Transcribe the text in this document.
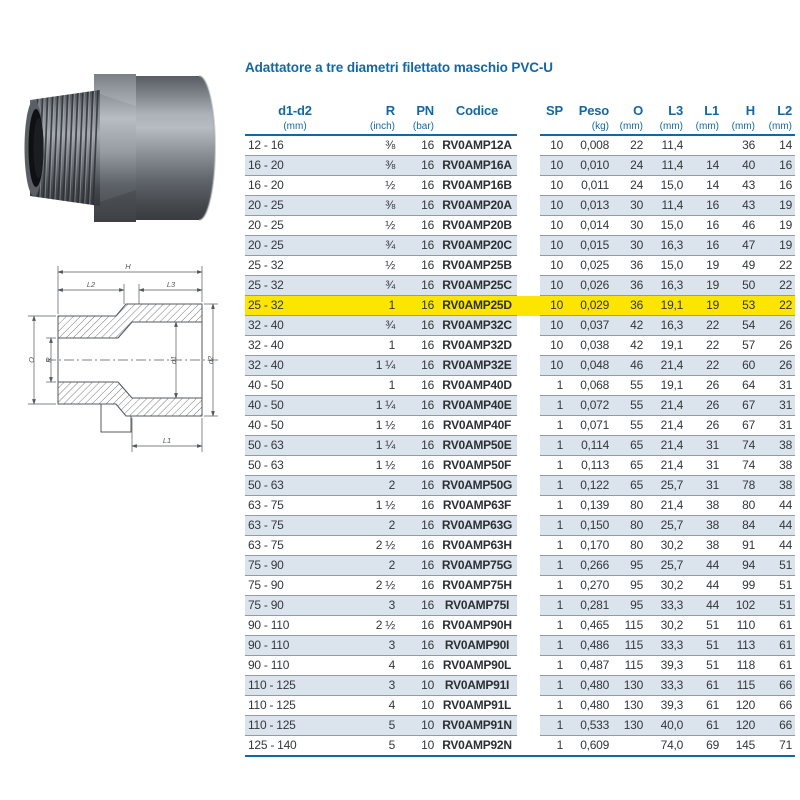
H
L2	L3
O R	d1	d2
L1
Adattatore a tre diametri filettato maschio PVC-U
d1-d2	R	PN	Codice		SP	Peso	O	L3	L1	H	L2
(mm)	(inch)	(bar)				(kg)	(mm)	(mm)	(mm)	(mm)	(mm)
12 - 16	⅜	16	RV0AMP12A		10	0,008	22	11,4		36	14
16 - 20	⅜	16	RV0AMP16A		10	0,010	24	11,4	14	40	16
16 - 20	½	16	RV0AMP16B		10	0,011	24	15,0	14	43	16
20 - 25	⅜	16	RV0AMP20A		10	0,013	30	11,4	16	43	19
20 - 25	½	16	RV0AMP20B		10	0,014	30	15,0	16	46	19
20 - 25	¾	16	RV0AMP20C		10	0,015	30	16,3	16	47	19
25 - 32	½	16	RV0AMP25B		10	0,025	36	15,0	19	49	22
25 - 32	¾	16	RV0AMP25C		10	0,026	36	16,3	19	50	22
25 - 32	1	16	RV0AMP25D		10	0,029	36	19,1	19	53	22
32 - 40	¾	16	RV0AMP32C		10	0,037	42	16,3	22	54	26
32 - 40	1	16	RV0AMP32D		10	0,038	42	19,1	22	57	26
32 - 40	1 ¼	16	RV0AMP32E		10	0,048	46	21,4	22	60	26
40 - 50	1	16	RV0AMP40D		1	0,068	55	19,1	26	64	31
40 - 50	1 ¼	16	RV0AMP40E		1	0,072	55	21,4	26	67	31
40 - 50	1 ½	16	RV0AMP40F		1	0,071	55	21,4	26	67	31
50 - 63	1 ¼	16	RV0AMP50E		1	0,114	65	21,4	31	74	38
50 - 63	1 ½	16	RV0AMP50F		1	0,113	65	21,4	31	74	38
50 - 63	2	16	RV0AMP50G		1	0,122	65	25,7	31	78	38
63 - 75	1 ½	16	RV0AMP63F		1	0,139	80	21,4	38	80	44
63 - 75	2	16	RV0AMP63G		1	0,150	80	25,7	38	84	44
63 - 75	2 ½	16	RV0AMP63H		1	0,170	80	30,2	38	91	44
75 - 90	2	16	RV0AMP75G		1	0,266	95	25,7	44	94	51
75 - 90	2 ½	16	RV0AMP75H		1	0,270	95	30,2	44	99	51
75 - 90	3	16	RV0AMP75I		1	0,281	95	33,3	44	102	51
90 - 110	2 ½	16	RV0AMP90H		1	0,465	115	30,2	51	110	61
90 - 110	3	16	RV0AMP90I		1	0,486	115	33,3	51	113	61
90 - 110	4	16	RV0AMP90L		1	0,487	115	39,3	51	118	61
110 - 125	3	10	RV0AMP91I		1	0,480	130	33,3	61	115	66
110 - 125	4	10	RV0AMP91L		1	0,480	130	39,3	61	120	66
110 - 125	5	10	RV0AMP91N		1	0,533	130	40,0	61	120	66
125 - 140	5	10	RV0AMP92N		1	0,609		74,0	69	145	71
